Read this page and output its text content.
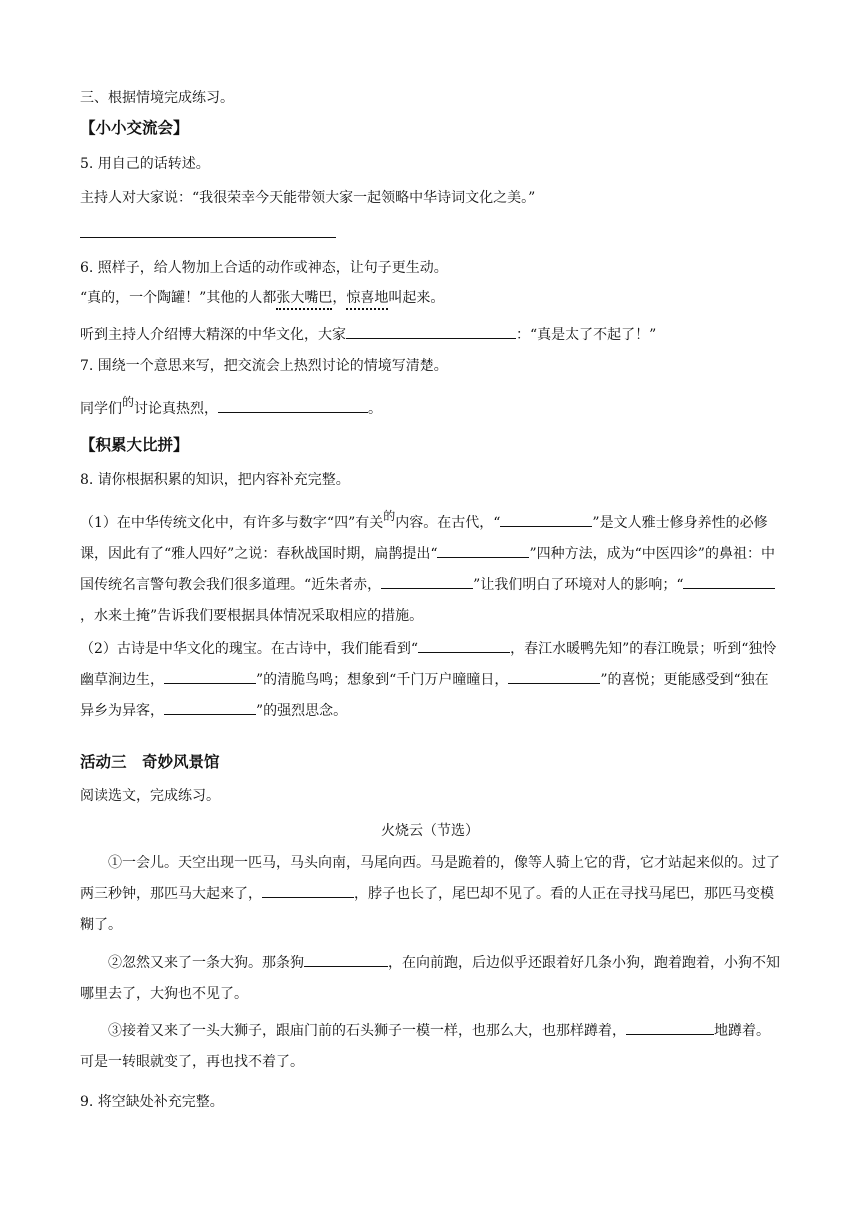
三、根据情境完成练习。
【小小交流会】
5. 用自己的话转述。
主持人对大家说：“我很荣幸今天能带领大家一起领略中华诗词文化之美。”
6. 照样子，给人物加上合适的动作或神态，让句子更生动。
“真的，一个陶罐！”其他的人都张大嘴巴，惊喜地叫起来。
听到主持人介绍博大精深的中华文化，大家	：“真是太了不起了！”
7. 围绕一个意思来写，把交流会上热烈讨论的情境写清楚。
同学们的讨论真热烈，	。
【积累大比拼】
8. 请你根据积累的知识，把内容补充完整。
（1）在中华传统文化中，有许多与数字“四”有关的内容。在古代，“	”是文人雅士修身养性的必修课，因此有了“雅人四好”之说：春秋战国时期，扁鹊提出“	”四种方法，成为“中医四诊”的鼻祖：中国传统名言警句教会我们很多道理。“近朱者赤，	”让我们明白了环境对人的影响；“，水来土掩”告诉我们要根据具体情况采取相应的措施。
（2）古诗是中华文化的瑰宝。在古诗中，我们能看到“	，春江水暖鸭先知”的春江晚景；听到“独怜幽草涧边生，	”的清脆鸟鸣；想象到“千门万户曈曈日，	”的喜悦；更能感受到“独在异乡为异客，	”的强烈思念。
活动三　奇妙风景馆
阅读选文，完成练习。
火烧云（节选）
①一会儿。天空出现一匹马，马头向南，马尾向西。马是跪着的，像等人骑上它的背，它才站起来似的。过了两三秒钟，那匹马大起来了，	，脖子也长了，尾巴却不见了。看的人正在寻找马尾巴，那匹马变模糊了。
②忽然又来了一条大狗。那条狗	，在向前跑，后边似乎还跟着好几条小狗，跑着跑着，小狗不知哪里去了，大狗也不见了。
③接着又来了一头大狮子，跟庙门前的石头狮子一模一样，也那么大，也那样蹲着，	地蹲着。可是一转眼就变了，再也找不着了。
9. 将空缺处补充完整。
